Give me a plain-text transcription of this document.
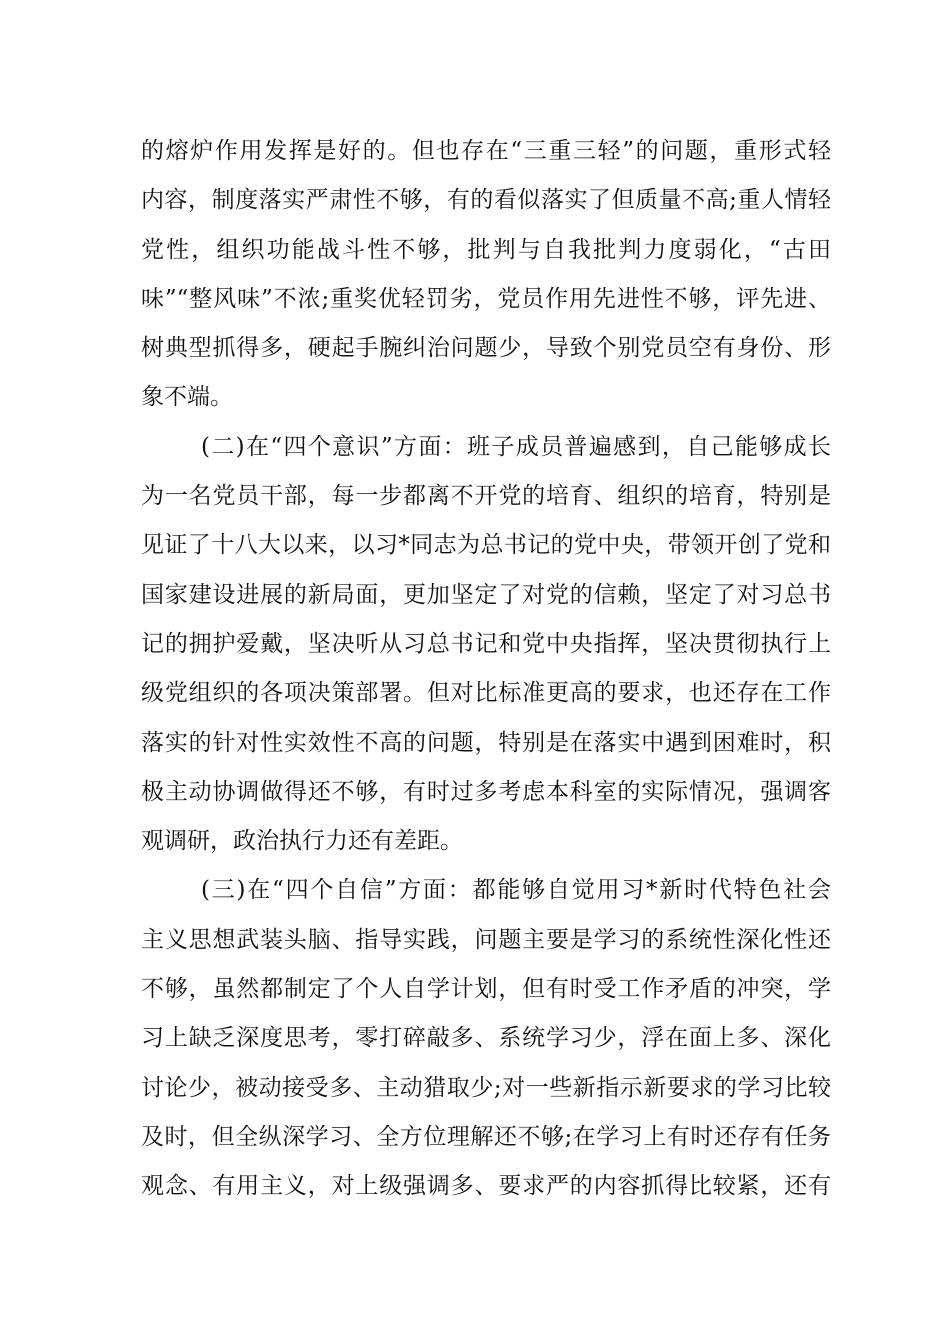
的熔炉作用发挥是好的。但也存在“三重三轻”的问题，重形式轻
内容，制度落实严肃性不够，有的看似落实了但质量不高;重人情轻
党性，组织功能战斗性不够，批判与自我批判力度弱化，“古田
味”“整风味”不浓;重奖优轻罚劣，党员作用先进性不够，评先进、
树典型抓得多，硬起手腕纠治问题少，导致个别党员空有身份、形
象不端。
(二)在“四个意识”方面：班子成员普遍感到，自己能够成长
为一名党员干部，每一步都离不开党的培育、组织的培育，特别是
见证了十八大以来，以习*同志为总书记的党中央，带领开创了党和
国家建设进展的新局面，更加坚定了对党的信赖，坚定了对习总书
记的拥护爱戴，坚决听从习总书记和党中央指挥，坚决贯彻执行上
级党组织的各项决策部署。但对比标准更高的要求，也还存在工作
落实的针对性实效性不高的问题，特别是在落实中遇到困难时，积
极主动协调做得还不够，有时过多考虑本科室的实际情况，强调客
观调研，政治执行力还有差距。
(三)在“四个自信”方面：都能够自觉用习*新时代特色社会
主义思想武装头脑、指导实践，问题主要是学习的系统性深化性还
不够，虽然都制定了个人自学计划，但有时受工作矛盾的冲突，学
习上缺乏深度思考，零打碎敲多、系统学习少，浮在面上多、深化
讨论少，被动接受多、主动猎取少;对一些新指示新要求的学习比较
及时，但全纵深学习、全方位理解还不够;在学习上有时还存有任务
观念、有用主义，对上级强调多、要求严的内容抓得比较紧，还有
